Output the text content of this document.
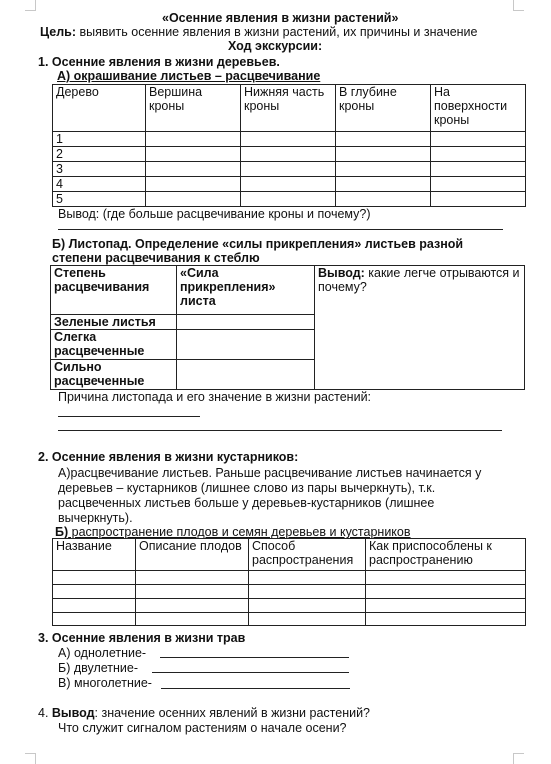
«Осенние явления в жизни растений»
Цель: выявить осенние явления в жизни растений, их причины и значение
Ход экскурсии:
1. Осенние явления в жизни деревьев.
А) окрашивание листьев – расцвечивание
Дерево	Вершина кроны	Нижняя часть кроны	В глубине кроны	На поверхности кроны
1				
2				
3				
4				
5				
Вывод: (где больше расцвечивание кроны и почему?)
Б) Листопад. Определение «силы прикрепления» листьев разной
степени расцвечивания к стеблю
Степень расцвечивания	«Сила прикрепления» листа	Вывод: какие легче отрываются и почему?
Зеленые листья		
Слегка расцвеченные		
Сильно расцвеченные		
Причина листопада и его значение в жизни растений:
2. Осенние явления в жизни кустарников:
А)расцвечивание листьев. Раньше расцвечивание листьев начинается у
деревьев – кустарников (лишнее слово из пары вычеркнуть), т.к.
расцвеченных листьев больше у деревьев-кустарников (лишнее
вычеркнуть).
Б) распространение плодов и семян деревьев и кустарников
Название	Описание плодов	Способ распространения	Как приспособлены к распространению

3. Осенние явления в жизни трав
А) однолетние-
Б) двулетние-
В) многолетние-
4. Вывод: значение осенних явлений в жизни растений?
Что служит сигналом растениям о начале осени?
